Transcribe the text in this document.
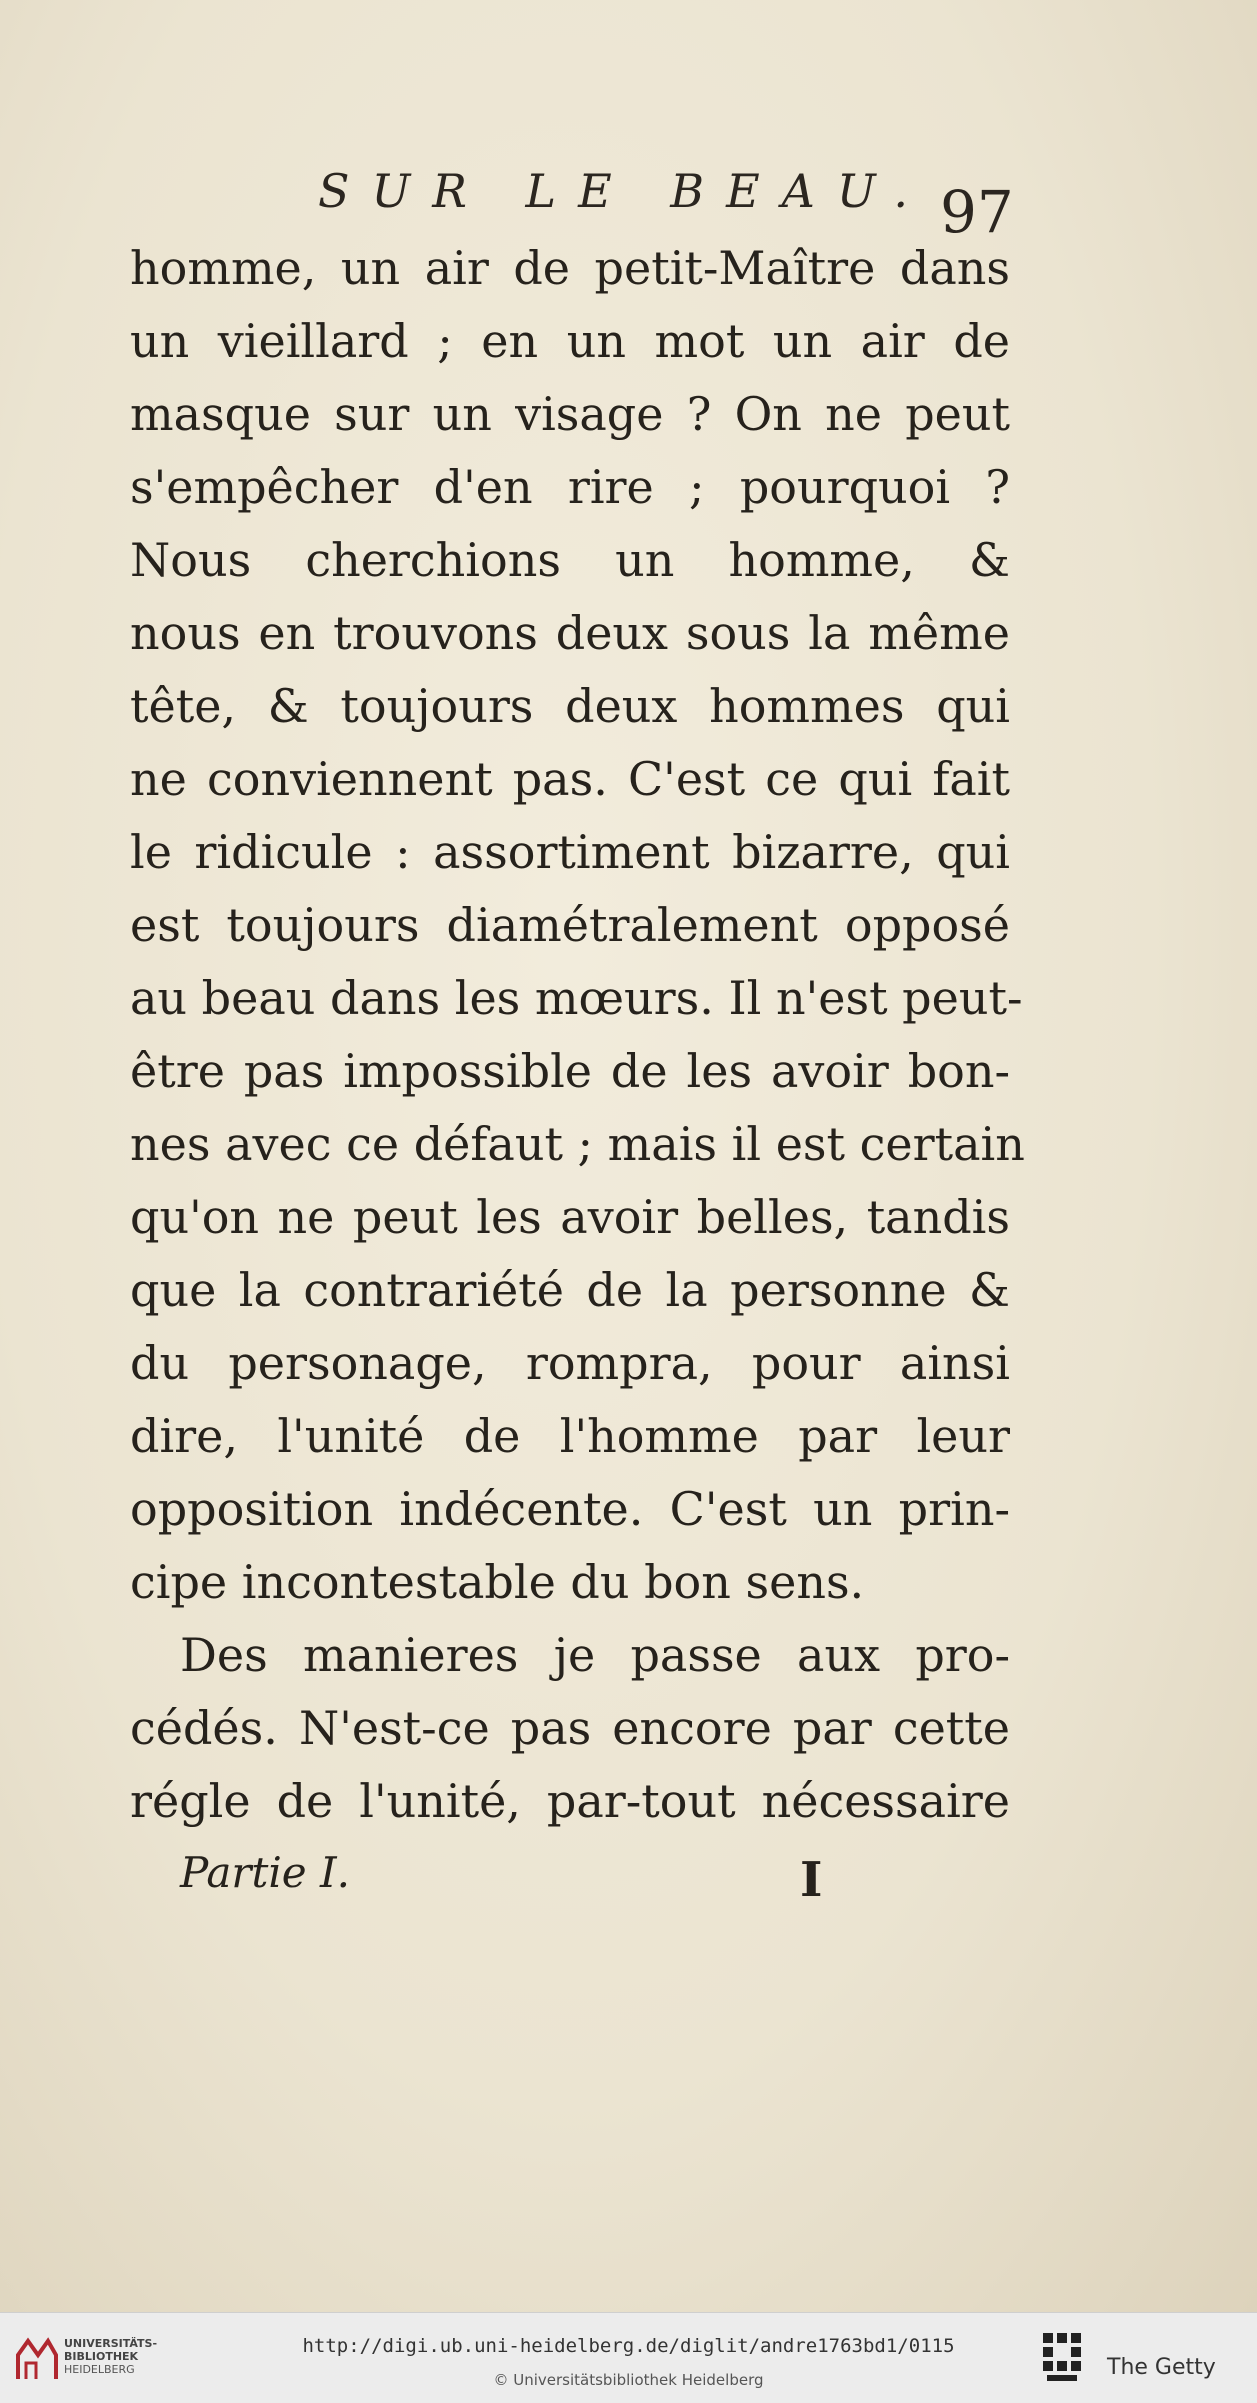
SUR LE BEAU. 97
homme, un air de petit-Maître dans
un vieillard ; en un mot un air de
masque sur un visage ? On ne peut
s'empêcher d'en rire ; pourquoi ?
Nous cherchions un homme, &
nous en trouvons deux sous la même
tête, & toujours deux hommes qui
ne conviennent pas. C'est ce qui fait
le ridicule : assortiment bizarre, qui
est toujours diamétralement opposé
au beau dans les mœurs. Il n'est peut-
être pas impossible de les avoir bon-
nes avec ce défaut ; mais il est certain
qu'on ne peut les avoir belles, tandis
que la contrariété de la personne &
du personage, rompra, pour ainsi
dire, l'unité de l'homme par leur
opposition indécente. C'est un prin-
cipe incontestable du bon sens.
Des manieres je passe aux pro-
cédés. N'est-ce pas encore par cette
régle de l'unité, par-tout nécessaire
Partie I.	I
UNIVERSITÄTS-
BIBLIOTHEK
HEIDELBERG
http://digi.ub.uni-heidelberg.de/diglit/andre1763bd1/0115
© Universitätsbibliothek Heidelberg	The Getty
